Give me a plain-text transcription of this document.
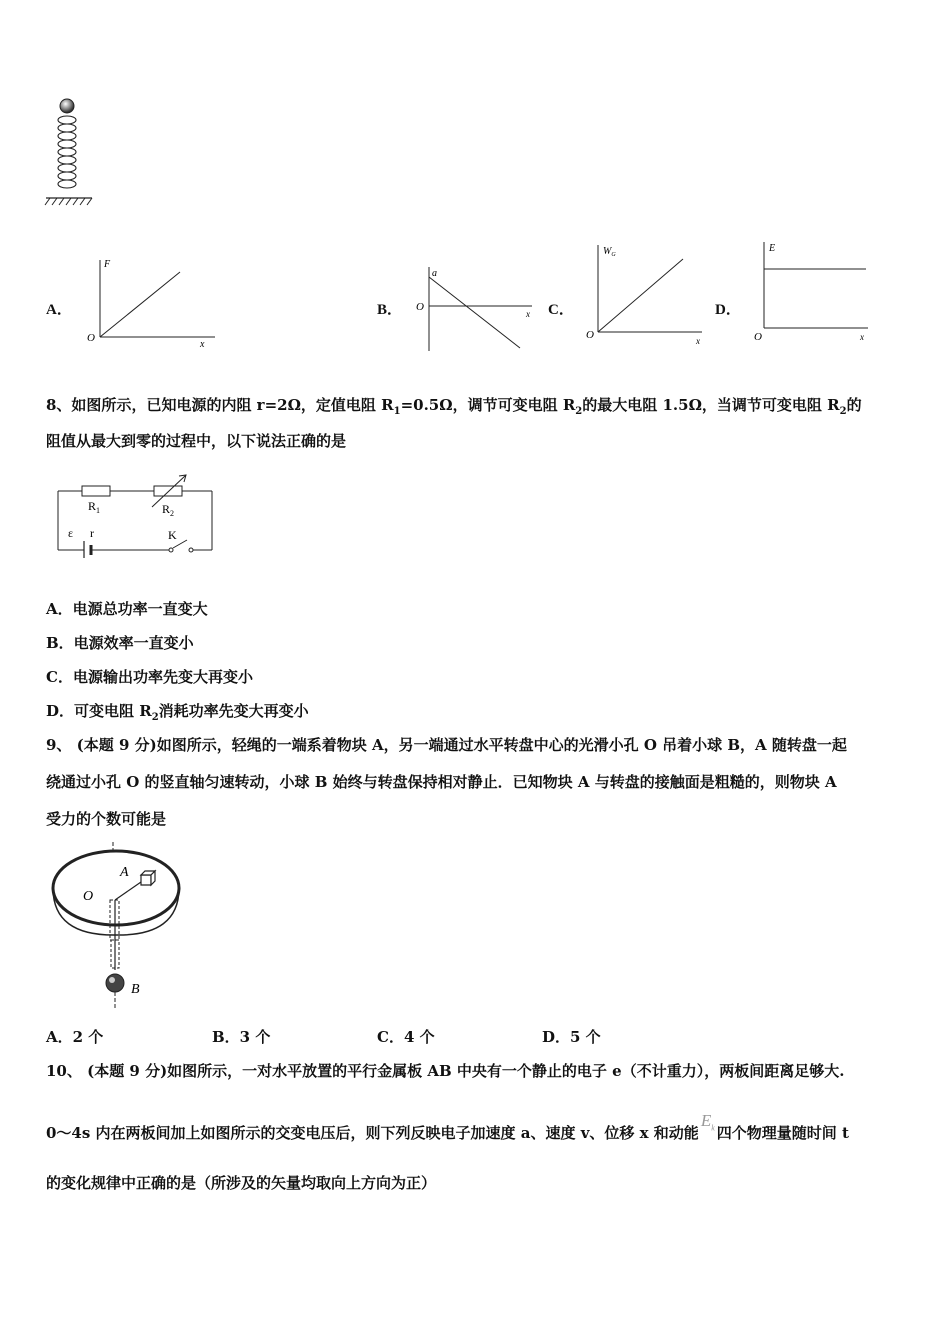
A．
F
x
O
B．
a
x
O	C．
$W_G$
x
O
D．
E
x
O
8、如图所示，已知电源的内阻 r=2Ω，定值电阻 $R_1=0.5\Omega$，调节可变电阻 $R_2$的最大电阻 1.5Ω，当调节可变电阻 $R_2$的
阻值从最大到零的过程中，以下说法正确的是
$R_1$	$R_2$
ε r	K
A．电源总功率一直变大
B．电源效率一直变小
C．电源输出功率先变大再变小
D．可变电阻 $R_2$消耗功率先变大再变小
9、 (本题 9 分)如图所示，轻绳的一端系着物块 A，另一端通过水平转盘中心的光滑小孔 O 吊着小球 B，A 随转盘一起
绕通过小孔 O 的竖直轴匀速转动，小球 B 始终与转盘保持相对静止．已知物块 A 与转盘的接触面是粗糙的，则物块 A
受力的个数可能是
A
O
B
A．2 个	B．3 个	C．4 个	D．5 个
10、 (本题 9 分)如图所示，一对水平放置的平行金属板 AB 中央有一个静止的电子 e（不计重力），两板间距离足够大.
0～4s 内在两板间加上如图所示的交变电压后，则下列反映电子加速度 a、速度 v、位移 x 和动能$E_k$ 四个物理量随时间 t
的变化规律中正确的是（所涉及的矢量均取向上方向为正）
